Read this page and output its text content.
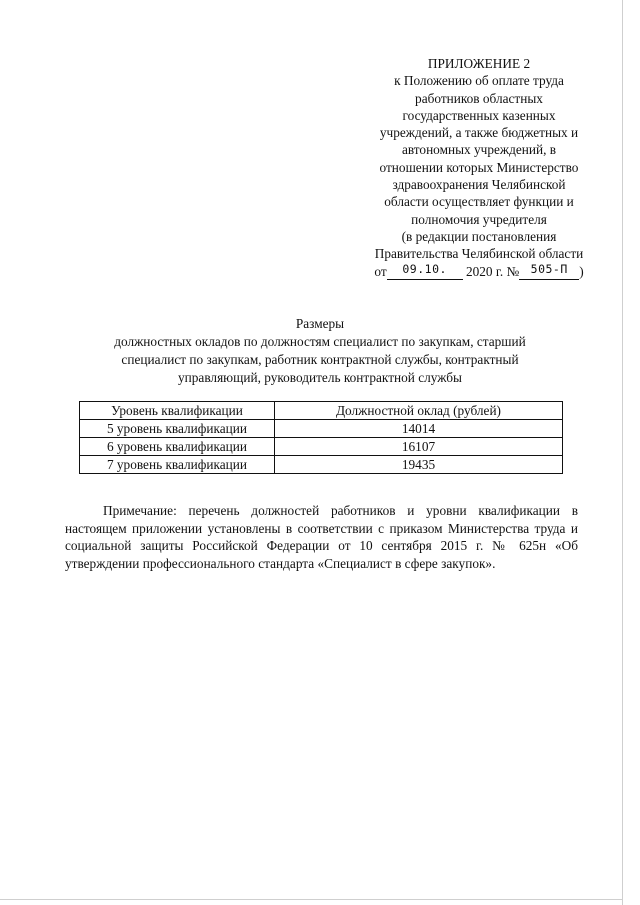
ПРИЛОЖЕНИЕ 2
к Положению об оплате труда
работников областных
государственных казенных
учреждений, а также бюджетных и
автономных учреждений, в
отношении которых Министерство
здравоохранения Челябинской
области осуществляет функции и
полномочия учредителя
(в редакции постановления
Правительства Челябинской области
от 09.10. 2020 г. № 505-П )
Размеры
должностных окладов по должностям специалист по закупкам, старший
специалист по закупкам, работник контрактной службы, контрактный
управляющий, руководитель контрактной службы
Уровень квалификации	Должностной оклад (рублей)
5 уровень квалификации	14014
6 уровень квалификации	16107
7 уровень квалификации	19435

Примечание: перечень должностей работников и уровни квалификации в настоящем приложении установлены в соответствии с приказом Министерства труда и социальной защиты Российской Федерации от 10 сентября 2015 г. № 625н «Об утверждении профессионального стандарта «Специалист в сфере закупок».
